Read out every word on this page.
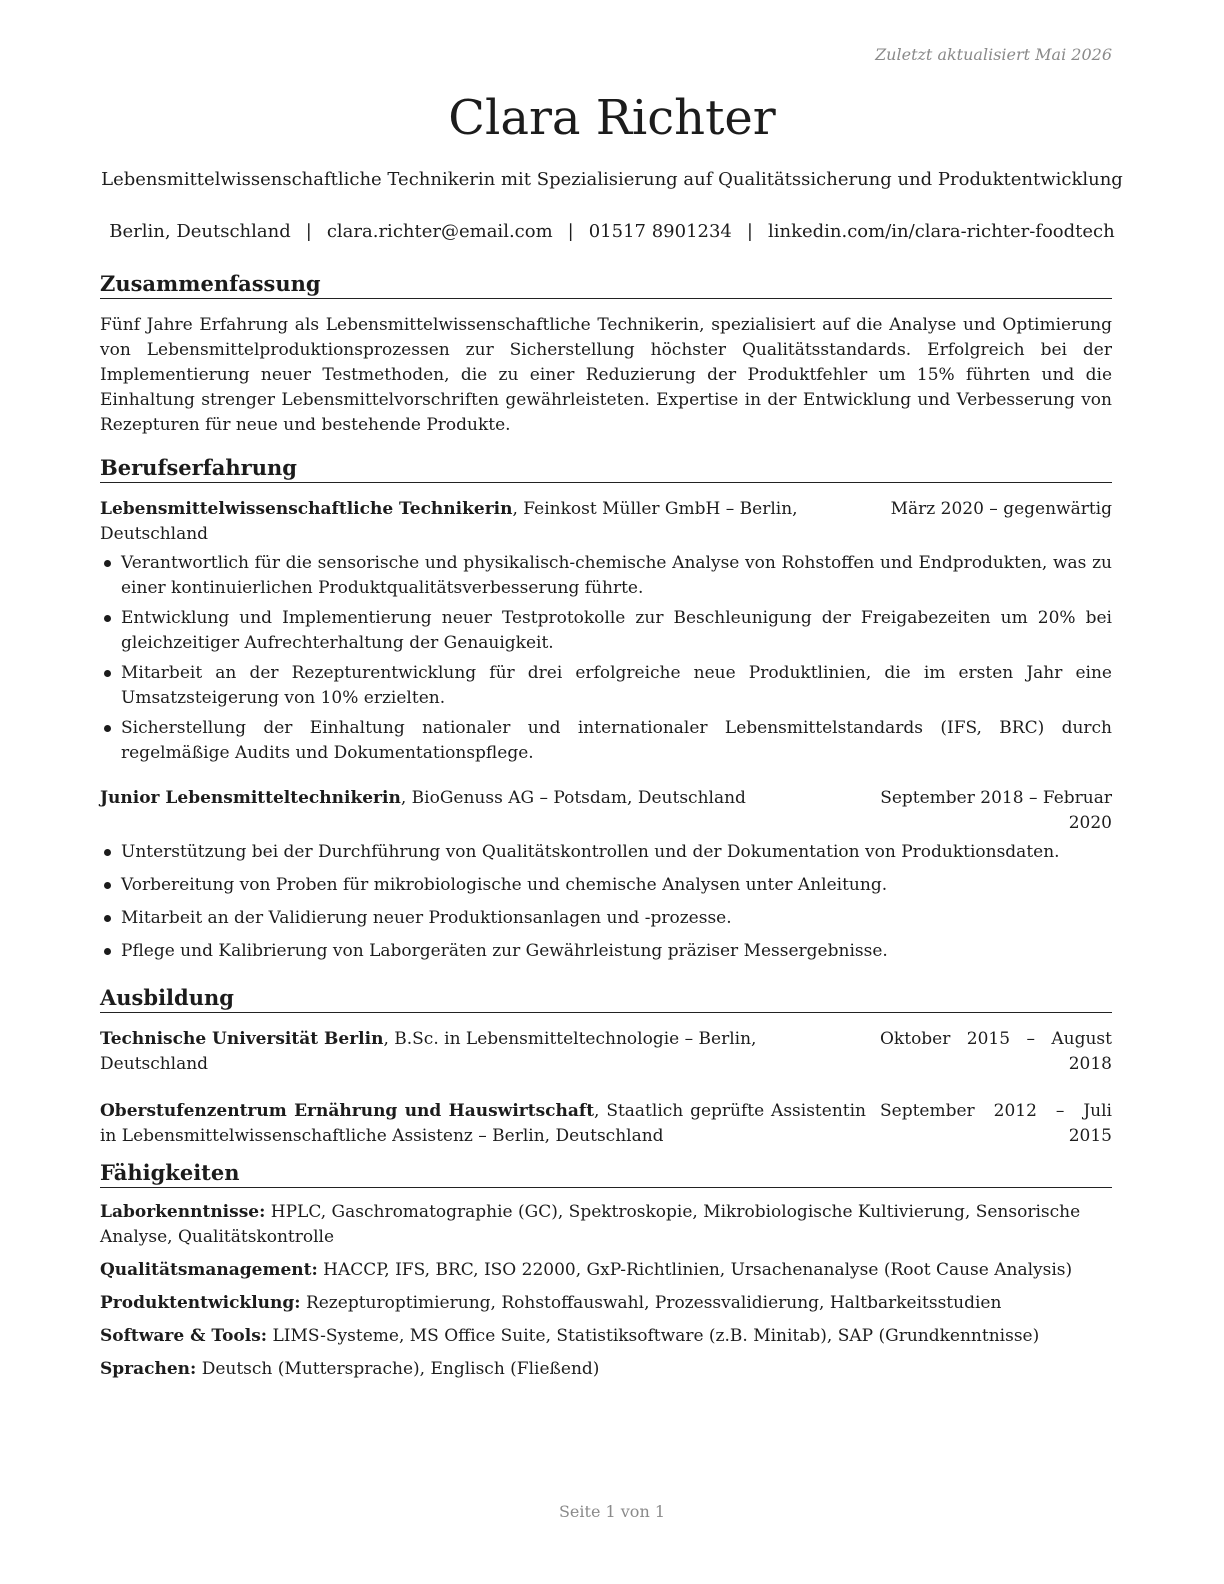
Zuletzt aktualisiert Mai 2026
Clara Richter
Lebensmittelwissenschaftliche Technikerin mit Spezialisierung auf Qualitätssicherung und Produktentwicklung
Berlin, Deutschland | clara.richter@email.com | 01517 8901234 | linkedin.com/in/clara-richter-foodtech
Zusammenfassung

Fünf Jahre Erfahrung als Lebensmittelwissenschaftliche Technikerin, spezialisiert auf die Analyse und Optimierung von Lebensmittelproduktionsprozessen zur Sicherstellung höchster Qualitätsstandards. Erfolgreich bei der Implementierung neuer Testmethoden, die zu einer Reduzierung der Produktfehler um 15% führten und die Einhaltung strenger Lebensmittelvorschriften gewährleisteten. Expertise in der Entwicklung und Verbesserung von Rezepturen für neue und bestehende Produkte.

Berufserfahrung
Lebensmittelwissenschaftliche Technikerin, Feinkost Müller GmbH – Berlin, Deutschland
März 2020 – gegenwärtig
Verantwortlich für die sensorische und physikalisch-chemische Analyse von Rohstoffen und Endprodukten, was zu einer kontinuierlichen Produktqualitätsverbesserung führte.
Entwicklung und Implementierung neuer Testprotokolle zur Beschleunigung der Freigabezeiten um 20% bei gleichzeitiger Aufrechterhaltung der Genauigkeit.
Mitarbeit an der Rezepturentwicklung für drei erfolgreiche neue Produktlinien, die im ersten Jahr eine Umsatzsteigerung von 10% erzielten.
Sicherstellung der Einhaltung nationaler und internationaler Lebensmittelstandards (IFS, BRC) durch regelmäßige Audits und Dokumentationspflege.
Junior Lebensmitteltechnikerin, BioGenuss AG – Potsdam, Deutschland	September 2018 – Februar 2020
Unterstützung bei der Durchführung von Qualitätskontrollen und der Dokumentation von Produktionsdaten.
Vorbereitung von Proben für mikrobiologische und chemische Analysen unter Anleitung.
Mitarbeit an der Validierung neuer Produktionsanlagen und -prozesse.
Pflege und Kalibrierung von Laborgeräten zur Gewährleistung präziser Messergebnisse.
Ausbildung
Technische Universität Berlin, B.Sc. in Lebensmitteltechnologie – Berlin, Deutschland
Oktober 2015 – August 2018
Oberstufenzentrum Ernährung und Hauswirtschaft, Staatlich geprüfte Assistentin in Lebensmittelwissenschaftliche Assistenz – Berlin, Deutschland
September 2012 – Juli 2015
Fähigkeiten
Laborkenntnisse: HPLC, Gaschromatographie (GC), Spektroskopie, Mikrobiologische Kultivierung, Sensorische Analyse, Qualitätskontrolle
Qualitätsmanagement: HACCP, IFS, BRC, ISO 22000, GxP-Richtlinien, Ursachenanalyse (Root Cause Analysis)
Produktentwicklung: Rezepturoptimierung, Rohstoffauswahl, Prozessvalidierung, Haltbarkeitsstudien
Software & Tools: LIMS-Systeme, MS Office Suite, Statistiksoftware (z.B. Minitab), SAP (Grundkenntnisse)
Sprachen: Deutsch (Muttersprache), Englisch (Fließend)
Seite 1 von 1
